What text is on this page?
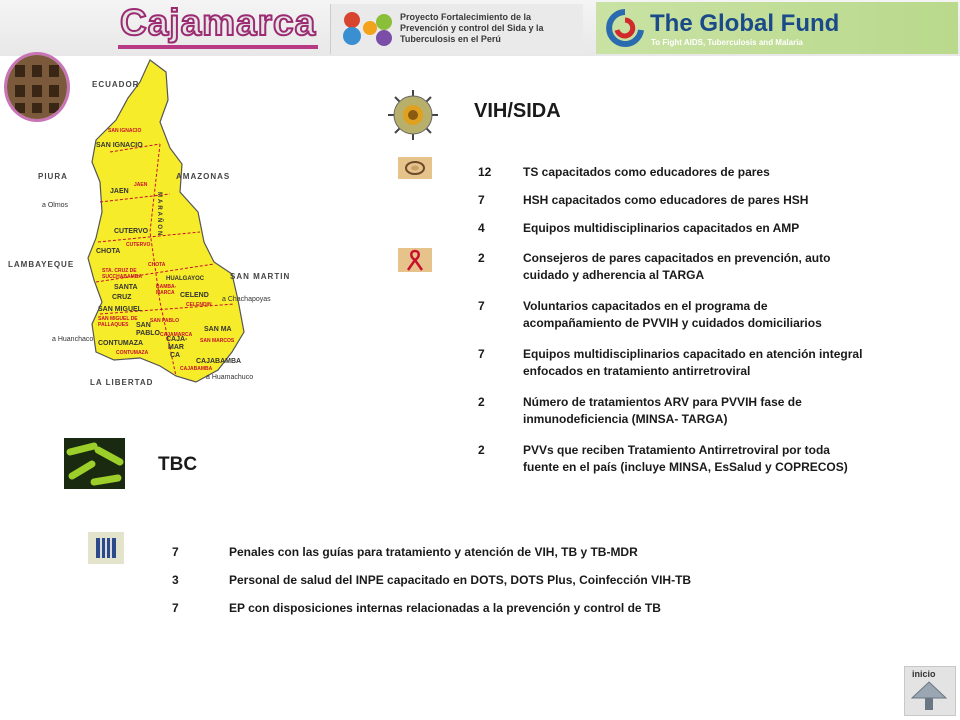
Cajamarca	Proyecto Fortalecimiento de la Prevención y control del Sida y la Tuberculosis en el Perú
The Global Fund
To Fight AIDS, Tuberculosis and Malaria
ECUADOR
PIURA	AMAZONAS
LAMBAYEQUE
SAN MARTIN
LA LIBERTAD
a Olmos
a Chachapoyas
a Huanchaco
a Huamachuco
MARAÑON
SAN IGNACIO
SAN IGNACIO
JAEN
JAEN
CUTERVO
CUTERVO
CHOTA
CHOTA
STA. CRUZ DE SUCCHABAMBA
SANTA
CRUZ
HUALGAYOC
BAMBA-MARCA CELEND
CELENDIN
SAN MIGUEL
SAN MIGUEL DE PALLAQUES	SAN
PABLO
SAN PABLO
CAJAMARCA
SAN MA
SAN MARCOS
CONTUMAZA
CONTUMAZA
CAJA-
MAR
CA
CAJABAMBA
CAJABAMBA
VIH/SIDA
12	TS capacitados como educadores de pares
7	HSH capacitados como educadores de pares HSH
4	Equipos multidisciplinarios capacitados en AMP
2	Consejeros de pares capacitados en prevención, auto cuidado y adherencia al TARGA
7	Voluntarios capacitados en el programa de acompañamiento de PVVIH y cuidados domiciliarios
7	Equipos multidisciplinarios capacitado en atención integral enfocados en tratamiento antirretroviral
2	Número de tratamientos ARV para PVVIH fase de inmunodeficiencia (MINSA- TARGA)
2	PVVs que reciben Tratamiento Antirretroviral por toda fuente en el país (incluye MINSA, EsSalud y COPRECOS)
TBC
7	Penales con las guías para tratamiento y atención de VIH, TB y TB-MDR
3	Personal de salud del INPE capacitado en DOTS, DOTS Plus, Coinfección VIH-TB
7	EP con disposiciones internas relacionadas a la prevención y control de TB
inicio
